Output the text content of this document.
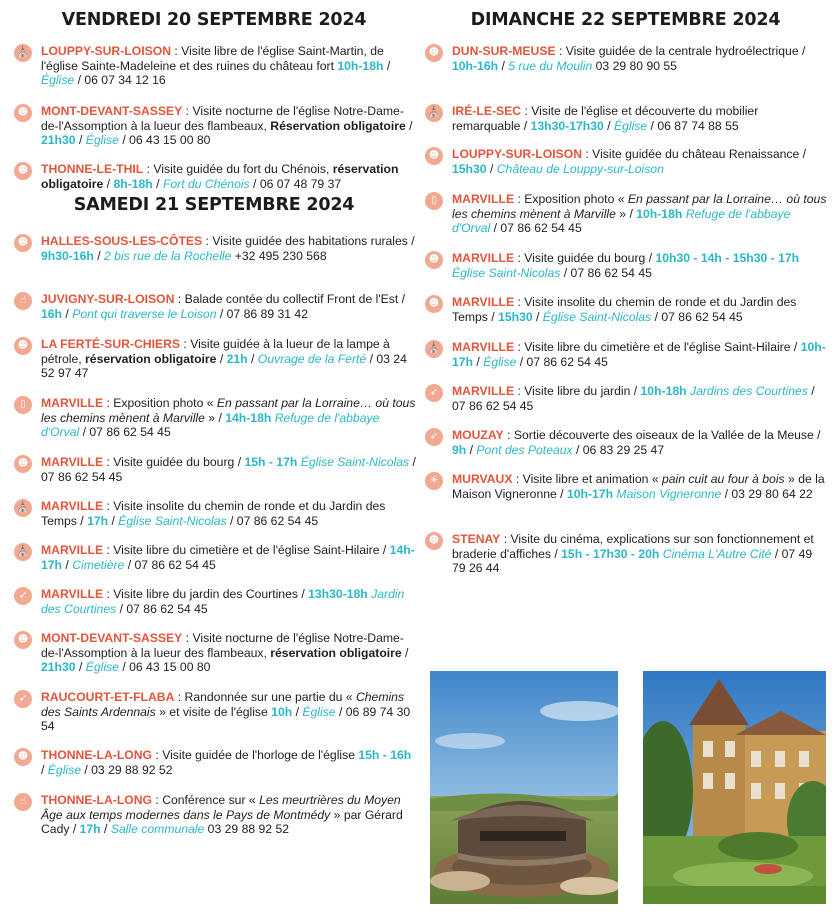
VENDREDI 20 SEPTEMBRE 2024
⛪ LOUPPY-SUR-LOISON : Visite libre de l'église Saint-Martin, de l'église Sainte-Madeleine et des ruines du château fort 10h-18h / Église / 06 07 34 12 16
☻	MONT-DEVANT-SASSEY : Visite nocturne de l'église Notre-Dame-de-l'Assomption à la lueur des flambeaux, Réservation obligatoire / 21h30 / Église / 06 43 15 00 80
☻	THONNE-LE-THIL : Visite guidée du fort du Chénois, réservation obligatoire / 8h-18h / Fort du Chénois / 06 07 48 79 37
SAMEDI 21 SEPTEMBRE 2024
☻	HALLES-SOUS-LES-CÔTES : Visite guidée des habitations rurales / 9h30-16h / 2 bis rue de la Rochelle +32 495 230 568
☝	JUVIGNY-SUR-LOISON : Balade contée du collectif Front de l'Est / 16h / Pont qui traverse le Loison / 07 86 89 31 42
☻	LA FERTÉ-SUR-CHIERS : Visite guidée à la lueur de la lampe à pétrole, réservation obligatoire / 21h / Ouvrage de la Ferté / 03 24 52 97 47
▯	MARVILLE : Exposition photo « En passant par la Lorraine… où tous les chemins mènent à Marville » / 14h-18h Refuge de l'abbaye d'Orval / 07 86 62 54 45
☻	MARVILLE : Visite guidée du bourg / 15h - 17h Église Saint-Nicolas / 07 86 62 54 45
⛪ MARVILLE : Visite insolite du chemin de ronde et du Jardin des Temps / 17h / Église Saint-Nicolas / 07 86 62 54 45
⛪ MARVILLE : Visite libre du cimetière et de l'église Saint-Hilaire / 14h-17h / Cimetière / 07 86 62 54 45
➶	MARVILLE : Visite libre du jardin des Courtines / 13h30-18h Jardin des Courtines / 07 86 62 54 45
☻	MONT-DEVANT-SASSEY : Visite nocturne de l'église Notre-Dame-de-l'Assomption à la lueur des flambeaux, réservation obligatoire / 21h30 / Église / 06 43 15 00 80
➶	RAUCOURT-ET-FLABA : Randonnée sur une partie du « Chemins des Saints Ardennais » et visite de l'église 10h / Église / 06 89 74 30 54
☻	THONNE-LA-LONG : Visite guidée de l'horloge de l'église 15h - 16h / Église / 03 29 88 92 52
☝	THONNE-LA-LONG : Conférence sur « Les meurtrières du Moyen Âge aux temps modernes dans le Pays de Montmédy » par Gérard Cady / 17h / Salle communale 03 29 88 92 52
DIMANCHE 22 SEPTEMBRE 2024
☻	DUN-SUR-MEUSE : Visite guidée de la centrale hydroélectrique / 10h-16h / 5 rue du Moulin 03 29 80 90 55
⛪ IRÉ-LE-SEC : Visite de l'église et découverte du mobilier remarquable / 13h30-17h30 / Église / 06 87 74 88 55
☻	LOUPPY-SUR-LOISON : Visite guidée du château Renaissance / 15h30 / Château de Louppy-sur-Loison
▯	MARVILLE : Exposition photo « En passant par la Lorraine… où tous les chemins mènent à Marville » / 10h-18h Refuge de l'abbaye d'Orval / 07 86 62 54 45
☻	MARVILLE : Visite guidée du bourg / 10h30 - 14h - 15h30 - 17h Église Saint-Nicolas / 07 86 62 54 45
☻	MARVILLE : Visite insolite du chemin de ronde et du Jardin des Temps / 15h30 / Église Saint-Nicolas / 07 86 62 54 45
⛪ MARVILLE : Visite libre du cimetière et de l'église Saint-Hilaire / 10h-17h / Église / 07 86 62 54 45
➶	MARVILLE : Visite libre du jardin / 10h-18h Jardins des Courtines / 07 86 62 54 45
➶	MOUZAY : Sortie découverte des oiseaux de la Vallée de la Meuse / 9h / Pont des Poteaux / 06 83 29 25 47
☀	MURVAUX : Visite libre et animation « pain cuit au four à bois » de la Maison Vigneronne / 10h-17h Maison Vigneronne / 03 29 80 64 22
☻	STENAY : Visite du cinéma, explications sur son fonctionnement et braderie d'affiches / 15h - 17h30 - 20h Cinéma L'Autre Cité / 07 49 79 26 44
